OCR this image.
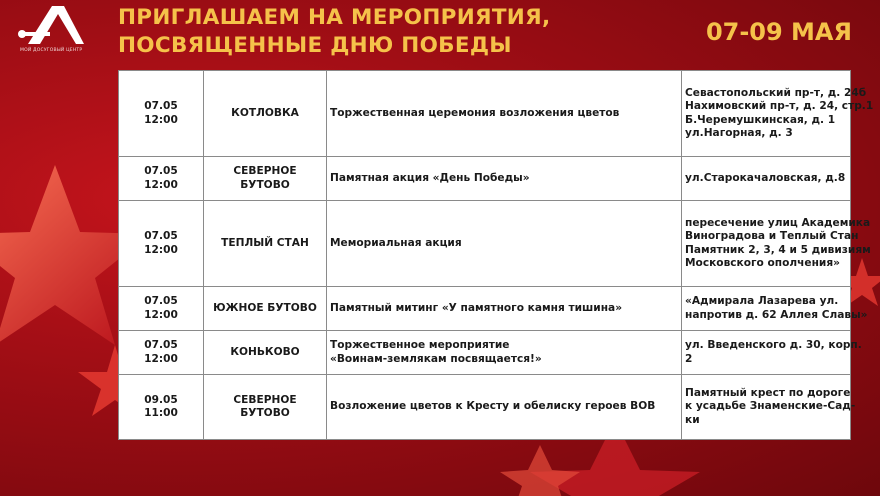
МОЙ ДОСУГОВЫЙ ЦЕНТР
ПРИГЛАШАЕМ НА МЕРОПРИЯТИЯ,
ПОСВЯЩЕННЫЕ ДНЮ ПОБЕДЫ	07-09 МАЯ
07.05
12:00	КОТЛОВКА	Торжественная церемония возложения цветов	Севастопольский пр-т, д. 24б
Нахимовский пр-т, д. 24, стр.1
Б.Черемушкинская, д. 1
ул.Нагорная, д. 3

07.05
12:00	СЕВЕРНОЕ БУТОВО	Памятная акция «День Победы»	ул.Старокачаловская, д.8

07.05
12:00	ТЕПЛЫЙ СТАН	Мемориальная акция	пересечение улиц Академика
Виноградова и Теплый Стан
Памятник 2, 3, 4 и 5 дивизиям
Московского ополчения»

07.05
12:00	ЮЖНОЕ БУТОВО	Памятный митинг «У памятного камня тишина»	«Адмирала Лазарева ул.
напротив д. 62 Аллея Славы»

07.05
12:00	КОНЬКОВО	Торжественное мероприятие
«Воинам-землякам посвящается!»	ул. Введенского д. 30, корп.
2

09.05
11:00	СЕВЕРНОЕ БУТОВО	Возложение цветов к Кресту и обелиску героев ВОВ	Памятный крест по дороге
к усадьбе Знаменские-Сад-
ки
